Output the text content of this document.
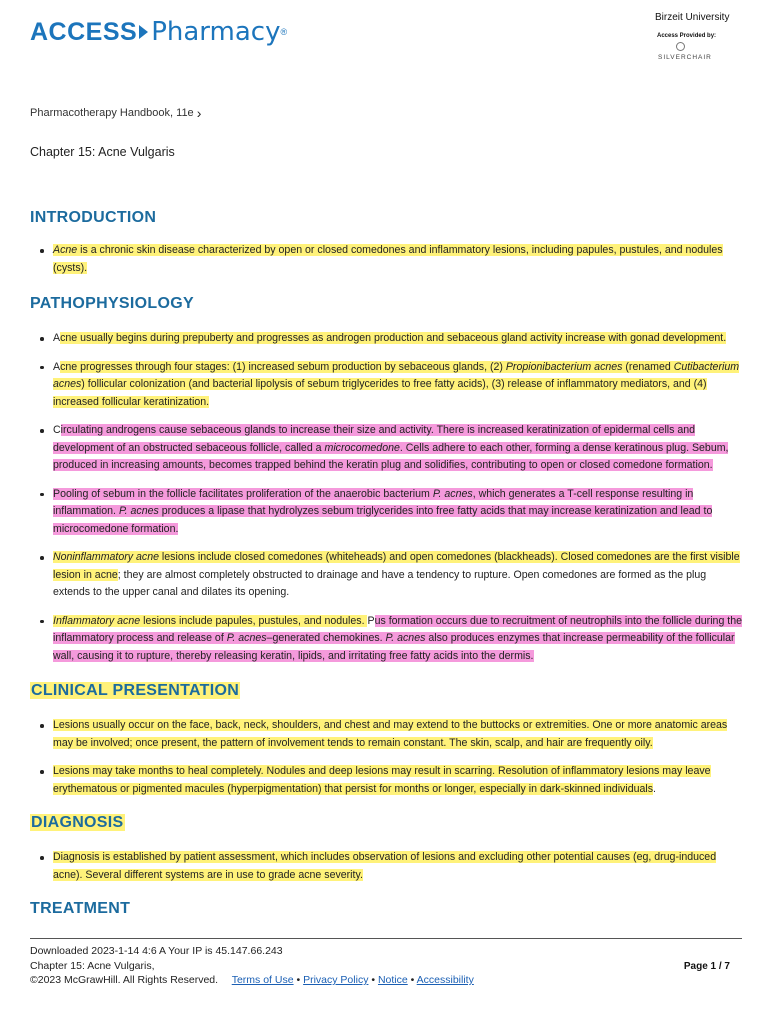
ACCESS Pharmacy ®
Birzeit University
Access Provided by:
SILVERCHAIR
Pharmacotherapy Handbook, 11e ›
Chapter 15: Acne Vulgaris
INTRODUCTION
Acne is a chronic skin disease characterized by open or closed comedones and inflammatory lesions, including papules, pustules, and nodules (cysts).
PATHOPHYSIOLOGY
Acne usually begins during prepuberty and progresses as androgen production and sebaceous gland activity increase with gonad development.
Acne progresses through four stages: (1) increased sebum production by sebaceous glands, (2) Propionibacterium acnes (renamed Cutibacterium acnes) follicular colonization (and bacterial lipolysis of sebum triglycerides to free fatty acids), (3) release of inflammatory mediators, and (4) increased follicular keratinization.
Circulating androgens cause sebaceous glands to increase their size and activity. There is increased keratinization of epidermal cells and development of an obstructed sebaceous follicle, called a microcomedone. Cells adhere to each other, forming a dense keratinous plug. Sebum, produced in increasing amounts, becomes trapped behind the keratin plug and solidifies, contributing to open or closed comedone formation.
Pooling of sebum in the follicle facilitates proliferation of the anaerobic bacterium P. acnes, which generates a T-cell response resulting in inflammation. P. acnes produces a lipase that hydrolyzes sebum triglycerides into free fatty acids that may increase keratinization and lead to microcomedone formation.
Noninflammatory acne lesions include closed comedones (whiteheads) and open comedones (blackheads). Closed comedones are the first visible lesion in acne; they are almost completely obstructed to drainage and have a tendency to rupture. Open comedones are formed as the plug extends to the upper canal and dilates its opening.
Inflammatory acne lesions include papules, pustules, and nodules. Pus formation occurs due to recruitment of neutrophils into the follicle during the inflammatory process and release of P. acnes–generated chemokines. P. acnes also produces enzymes that increase permeability of the follicular wall, causing it to rupture, thereby releasing keratin, lipids, and irritating free fatty acids into the dermis.
CLINICAL PRESENTATION
Lesions usually occur on the face, back, neck, shoulders, and chest and may extend to the buttocks or extremities. One or more anatomic areas may be involved; once present, the pattern of involvement tends to remain constant. The skin, scalp, and hair are frequently oily.
Lesions may take months to heal completely. Nodules and deep lesions may result in scarring. Resolution of inflammatory lesions may leave erythematous or pigmented macules (hyperpigmentation) that persist for months or longer, especially in dark-skinned individuals.
DIAGNOSIS
Diagnosis is established by patient assessment, which includes observation of lesions and excluding other potential causes (eg, drug-induced acne). Several different systems are in use to grade acne severity.
TREATMENT
Downloaded 2023-1-14 4:6 A Your IP is 45.147.66.243
Chapter 15: Acne Vulgaris,
©2023 McGrawHill. All Rights Reserved. Terms of Use • Privacy Policy • Notice • Accessibility
Page 1 / 7
